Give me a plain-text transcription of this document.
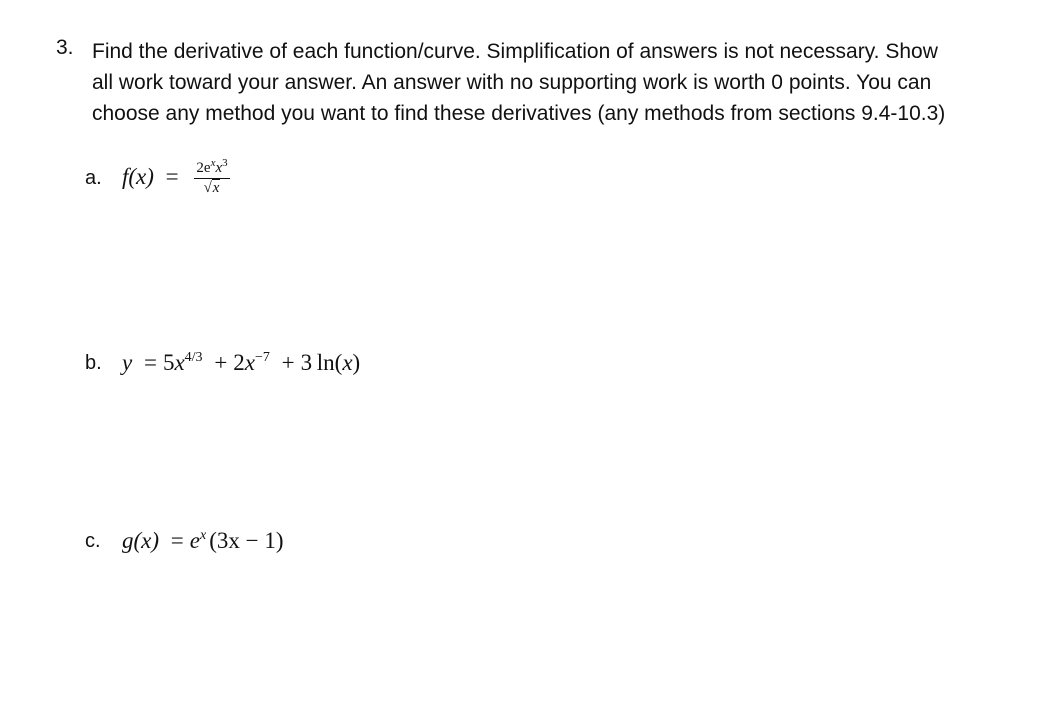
3. Find the derivative of each function/curve. Simplification of answers is not necessary. Show
all work toward your answer. An answer with no supporting work is worth 0 points. You can
choose any method you want to find these derivatives (any methods from sections 9.4-10.3)

a. $f(x) = \frac{2e^xx^3}{√x}$
b. $y = 5x^{4/3} + 2x^{-7} + 3$  ln(x)
c. $g(x) = e^x$ (3x − 1)
